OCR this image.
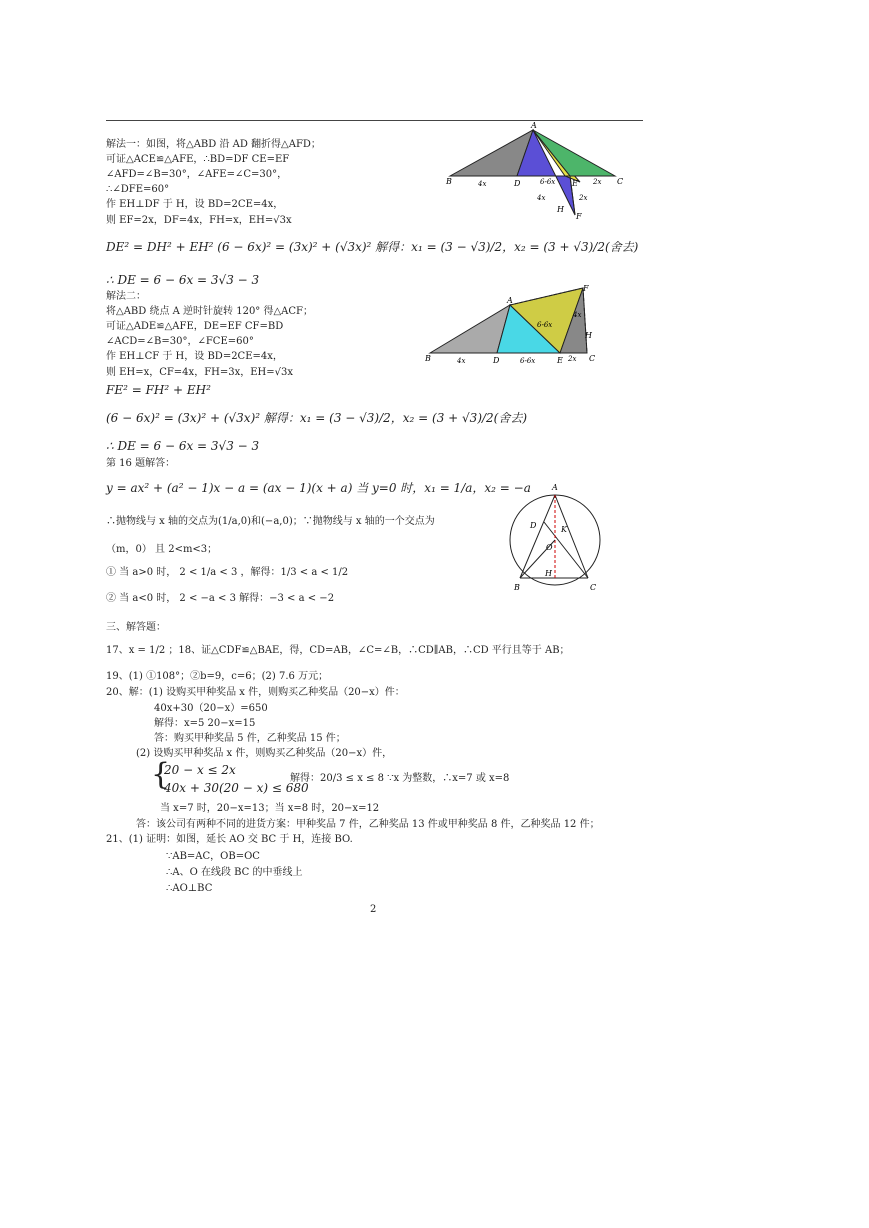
解法一：如图，将△ABD 沿 AD 翻折得△AFD；
可证△ACE≌△AFE，∴BD=DF CE=EF
∠AFD=∠B=30°，∠AFE=∠C=30°，
∴∠DFE=60°
作 EH⊥DF 于 H，设 BD=2CE=4x，
则 EF=2x，DF=4x，FH=x，EH=√3x
DE² = DH² + EH² (6 − 6x)² = (3x)² + (√3x)² 解得：x₁ = (3 − √3)/2，x₂ = (3 + √3)/2(舍去)
∴ DE = 6 − 6x = 3√3 − 3
A
B	C
D	E
F
H
4x	6-6x	2x
4x	2x
解法二：
将△ABD 绕点 A 逆时针旋转 120° 得△ACF；
可证△ADE≌△AFE，DE=EF CF=BD
∠ACD=∠B=30°，∠FCE=60°
作 EH⊥CF 于 H，设 BD=2CE=4x，
则 EH=x，CF=4x，FH=3x，EH=√3x
FE² = FH² + EH²
(6 − 6x)² = (3x)² + (√3x)² 解得：x₁ = (3 − √3)/2，x₂ = (3 + √3)/2(舍去)
∴ DE = 6 − 6x = 3√3 − 3
A
B	C
D	E
F
H
4x	6-6x	2x
6-6x
4x
第 16 题解答：
y = ax² + (a² − 1)x − a = (ax − 1)(x + a) 当 y=0 时，x₁ = 1/a，x₂ = −a
∴抛物线与 x 轴的交点为(1/a,0)和(−a,0)；∵抛物线与 x 轴的一个交点为
（m，0） 且 2<m<3；
① 当 a>0 时， 2 < 1/a < 3 ，解得：1/3 < a < 1/2
② 当 a<0 时， 2 < −a < 3 解得：−3 < a < −2
A
B	C
D	K
O
H
三、解答题：
17、x = 1/2 ；18、证△CDF≌△BAE，得，CD=AB，∠C=∠B，∴CD∥AB，∴CD 平行且等于 AB；
19、(1) ①108°；②b=9，c=6；(2) 7.6 万元；
20、解：(1) 设购买甲种奖品 x 件，则购买乙种奖品（20−x）件：
40x+30（20−x）=650
解得：x=5 20−x=15
答：购买甲种奖品 5 件，乙种奖品 15 件；
(2) 设购买甲种奖品 x 件，则购买乙种奖品（20−x）件，
{
20 − x ≤ 2x
40x + 30(20 − x) ≤ 680
解得：20/3 ≤ x ≤ 8 ∵x 为整数，∴x=7 或 x=8
当 x=7 时，20−x=13；当 x=8 时，20−x=12
答：该公司有两种不同的进货方案：甲种奖品 7 件，乙种奖品 13 件或甲种奖品 8 件，乙种奖品 12 件；
21、(1) 证明：如图，延长 AO 交 BC 于 H，连接 BO.
∵AB=AC，OB=OC
∴A、O 在线段 BC 的中垂线上
∴AO⊥BC
2
